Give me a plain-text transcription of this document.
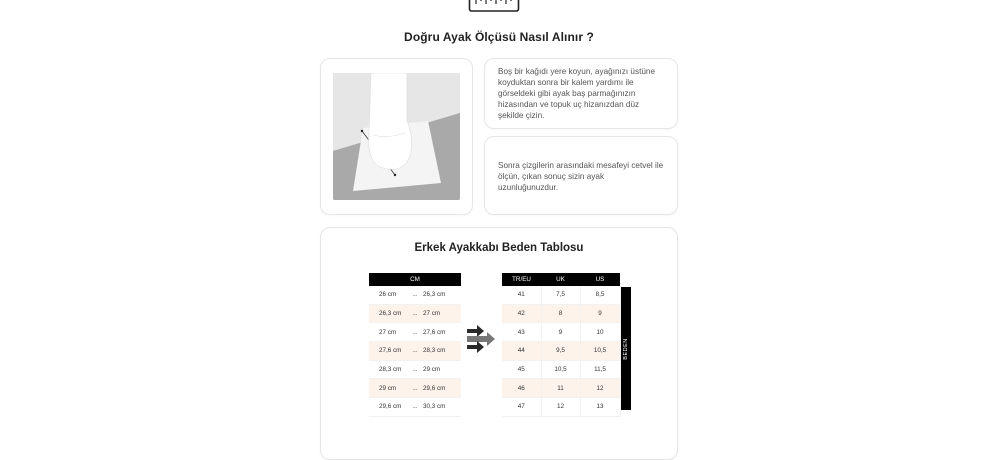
Doğru Ayak Ölçüsü Nasıl Alınır ?
Boş bir kağıdı yere koyun, ayağınızı üstüne koyduktan sonra bir kalem yardımı ile görseldeki gibi ayak baş parmağınızın hizasından ve topuk uç hizanızdan düz şekilde çizin.
Sonra çizgilerin arasındaki mesafeyi cetvel ile ölçün, çıkan sonuç sizin ayak uzunluğunuzdur.
Erkek Ayakkabı Beden Tablosu
CM		
26 cm	...	26,3 cm
26,3 cm	...	27 cm
27 cm	...	27,6 cm
27,6 cm	...	28,3 cm
28,3 cm	...	29 cm
29 cm	...	29,6 cm
29,6 cm	...	30,3 cm
TR/EU	UK	US
41	7,5	8,5
42	8	9
43	9	10
44	9,5	10,5
45	10,5	11,5
46	11	12
47	12	13
BEDEN
